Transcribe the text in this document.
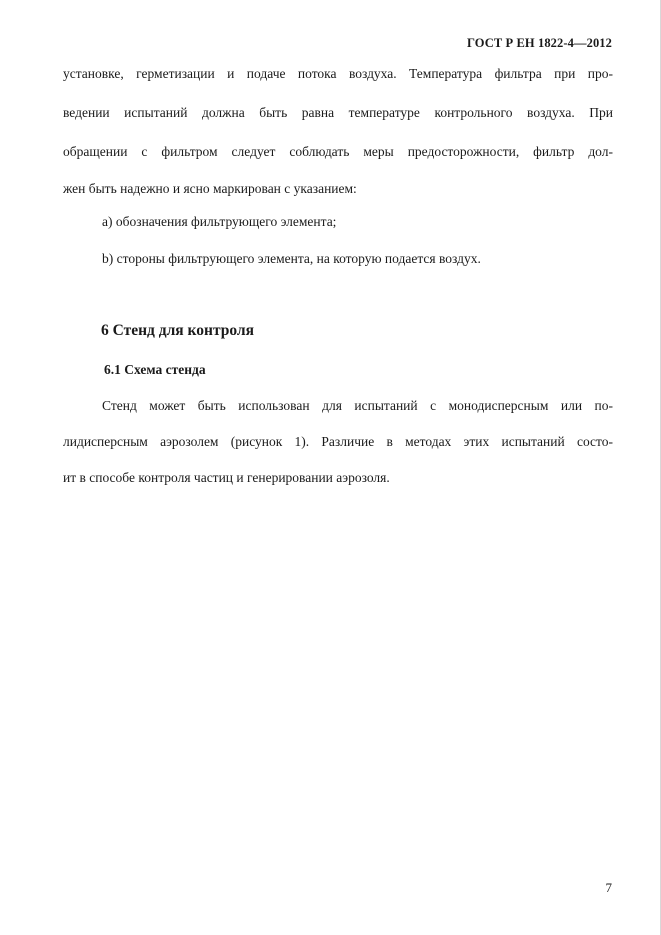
ГОСТ Р ЕН 1822-4—2012
установке, герметизации и подаче потока воздуха. Температура фильтра при про-
ведении испытаний должна быть равна температуре контрольного воздуха. При
обращении с фильтром следует соблюдать меры предосторожности, фильтр дол-
жен быть надежно и ясно маркирован с указанием:
а) обозначения фильтрующего элемента;
b) стороны фильтрующего элемента, на которую подается воздух.
6 Стенд для контроля
6.1 Схема стенда
Стенд может быть использован для испытаний с монодисперсным или по-
лидисперсным аэрозолем (рисунок 1). Различие в методах этих испытаний состо-
ит в способе контроля частиц и генерировании аэрозоля.
7
